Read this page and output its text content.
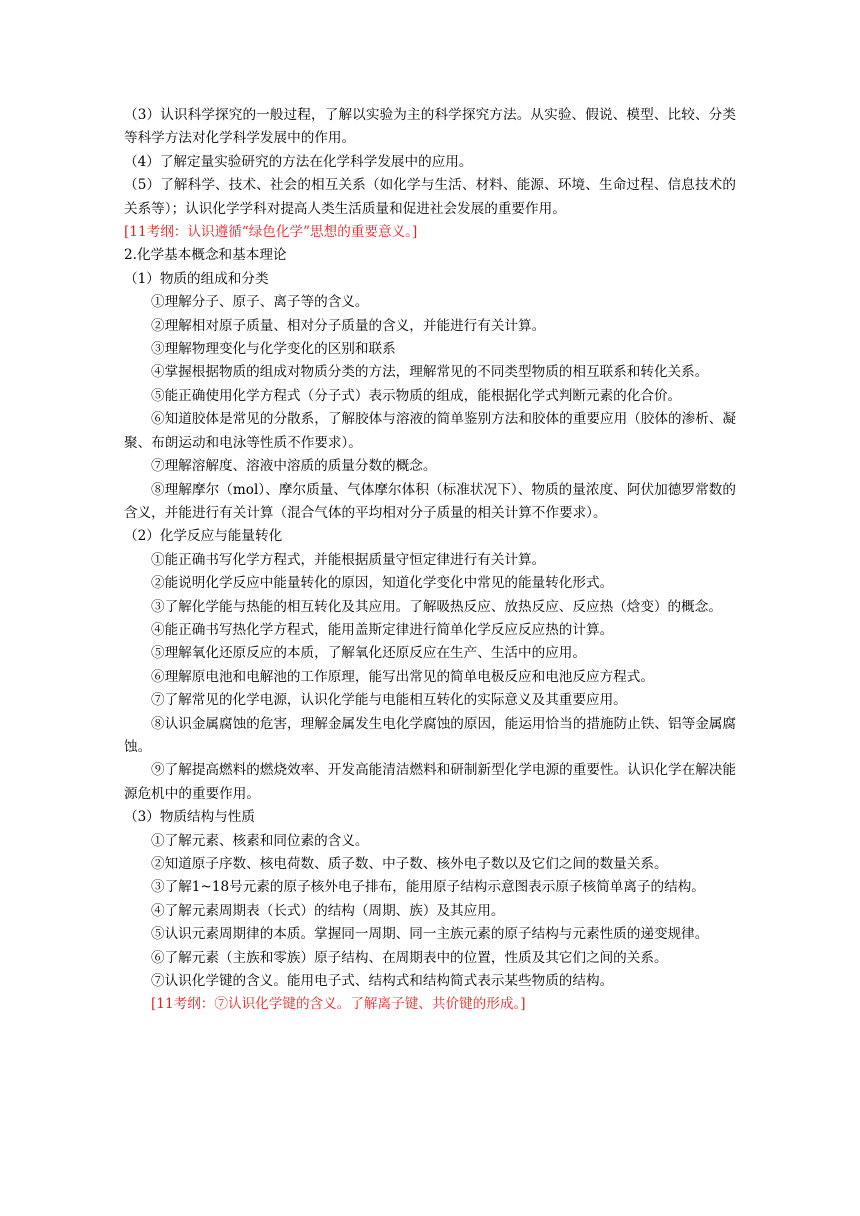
（3）认识科学探究的一般过程，了解以实验为主的科学探究方法。从实验、假说、模型、比较、分类等科学方法对化学科学发展中的作用。

（4）了解定量实验研究的方法在化学科学发展中的应用。

（5）了解科学、技术、社会的相互关系（如化学与生活、材料、能源、环境、生命过程、信息技术的关系等）；认识化学学科对提高人类生活质量和促进社会发展的重要作用。

[11考纲：认识遵循“绿色化学”思想的重要意义。]

2.化学基本概念和基本理论

（1）物质的组成和分类

①理解分子、原子、离子等的含义。

②理解相对原子质量、相对分子质量的含义，并能进行有关计算。

③理解物理变化与化学变化的区别和联系

④掌握根据物质的组成对物质分类的方法，理解常见的不同类型物质的相互联系和转化关系。

⑤能正确使用化学方程式（分子式）表示物质的组成，能根据化学式判断元素的化合价。

⑥知道胶体是常见的分散系，了解胶体与溶液的简单鉴别方法和胶体的重要应用（胶体的渗析、凝聚、布朗运动和电泳等性质不作要求）。

⑦理解溶解度、溶液中溶质的质量分数的概念。

⑧理解摩尔（mol）、摩尔质量、气体摩尔体积（标准状况下）、物质的量浓度、阿伏加德罗常数的含义，并能进行有关计算（混合气体的平均相对分子质量的相关计算不作要求）。

（2）化学反应与能量转化

①能正确书写化学方程式，并能根据质量守恒定律进行有关计算。

②能说明化学反应中能量转化的原因，知道化学变化中常见的能量转化形式。

③了解化学能与热能的相互转化及其应用。了解吸热反应、放热反应、反应热（焓变）的概念。

④能正确书写热化学方程式，能用盖斯定律进行简单化学反应反应热的计算。

⑤理解氧化还原反应的本质，了解氧化还原反应在生产、生活中的应用。

⑥理解原电池和电解池的工作原理，能写出常见的简单电极反应和电池反应方程式。

⑦了解常见的化学电源，认识化学能与电能相互转化的实际意义及其重要应用。

⑧认识金属腐蚀的危害，理解金属发生电化学腐蚀的原因，能运用恰当的措施防止铁、铝等金属腐蚀。

⑨了解提高燃料的燃烧效率、开发高能清洁燃料和研制新型化学电源的重要性。认识化学在解决能源危机中的重要作用。

（3）物质结构与性质

①了解元素、核素和同位素的含义。

②知道原子序数、核电荷数、质子数、中子数、核外电子数以及它们之间的数量关系。

③了解1~18号元素的原子核外电子排布，能用原子结构示意图表示原子核简单离子的结构。

④了解元素周期表（长式）的结构（周期、族）及其应用。

⑤认识元素周期律的本质。掌握同一周期、同一主族元素的原子结构与元素性质的递变规律。

⑥了解元素（主族和零族）原子结构、在周期表中的位置，性质及其它们之间的关系。

⑦认识化学键的含义。能用电子式、结构式和结构简式表示某些物质的结构。

[11考纲：⑦认识化学键的含义。了解离子键、共价键的形成。]
